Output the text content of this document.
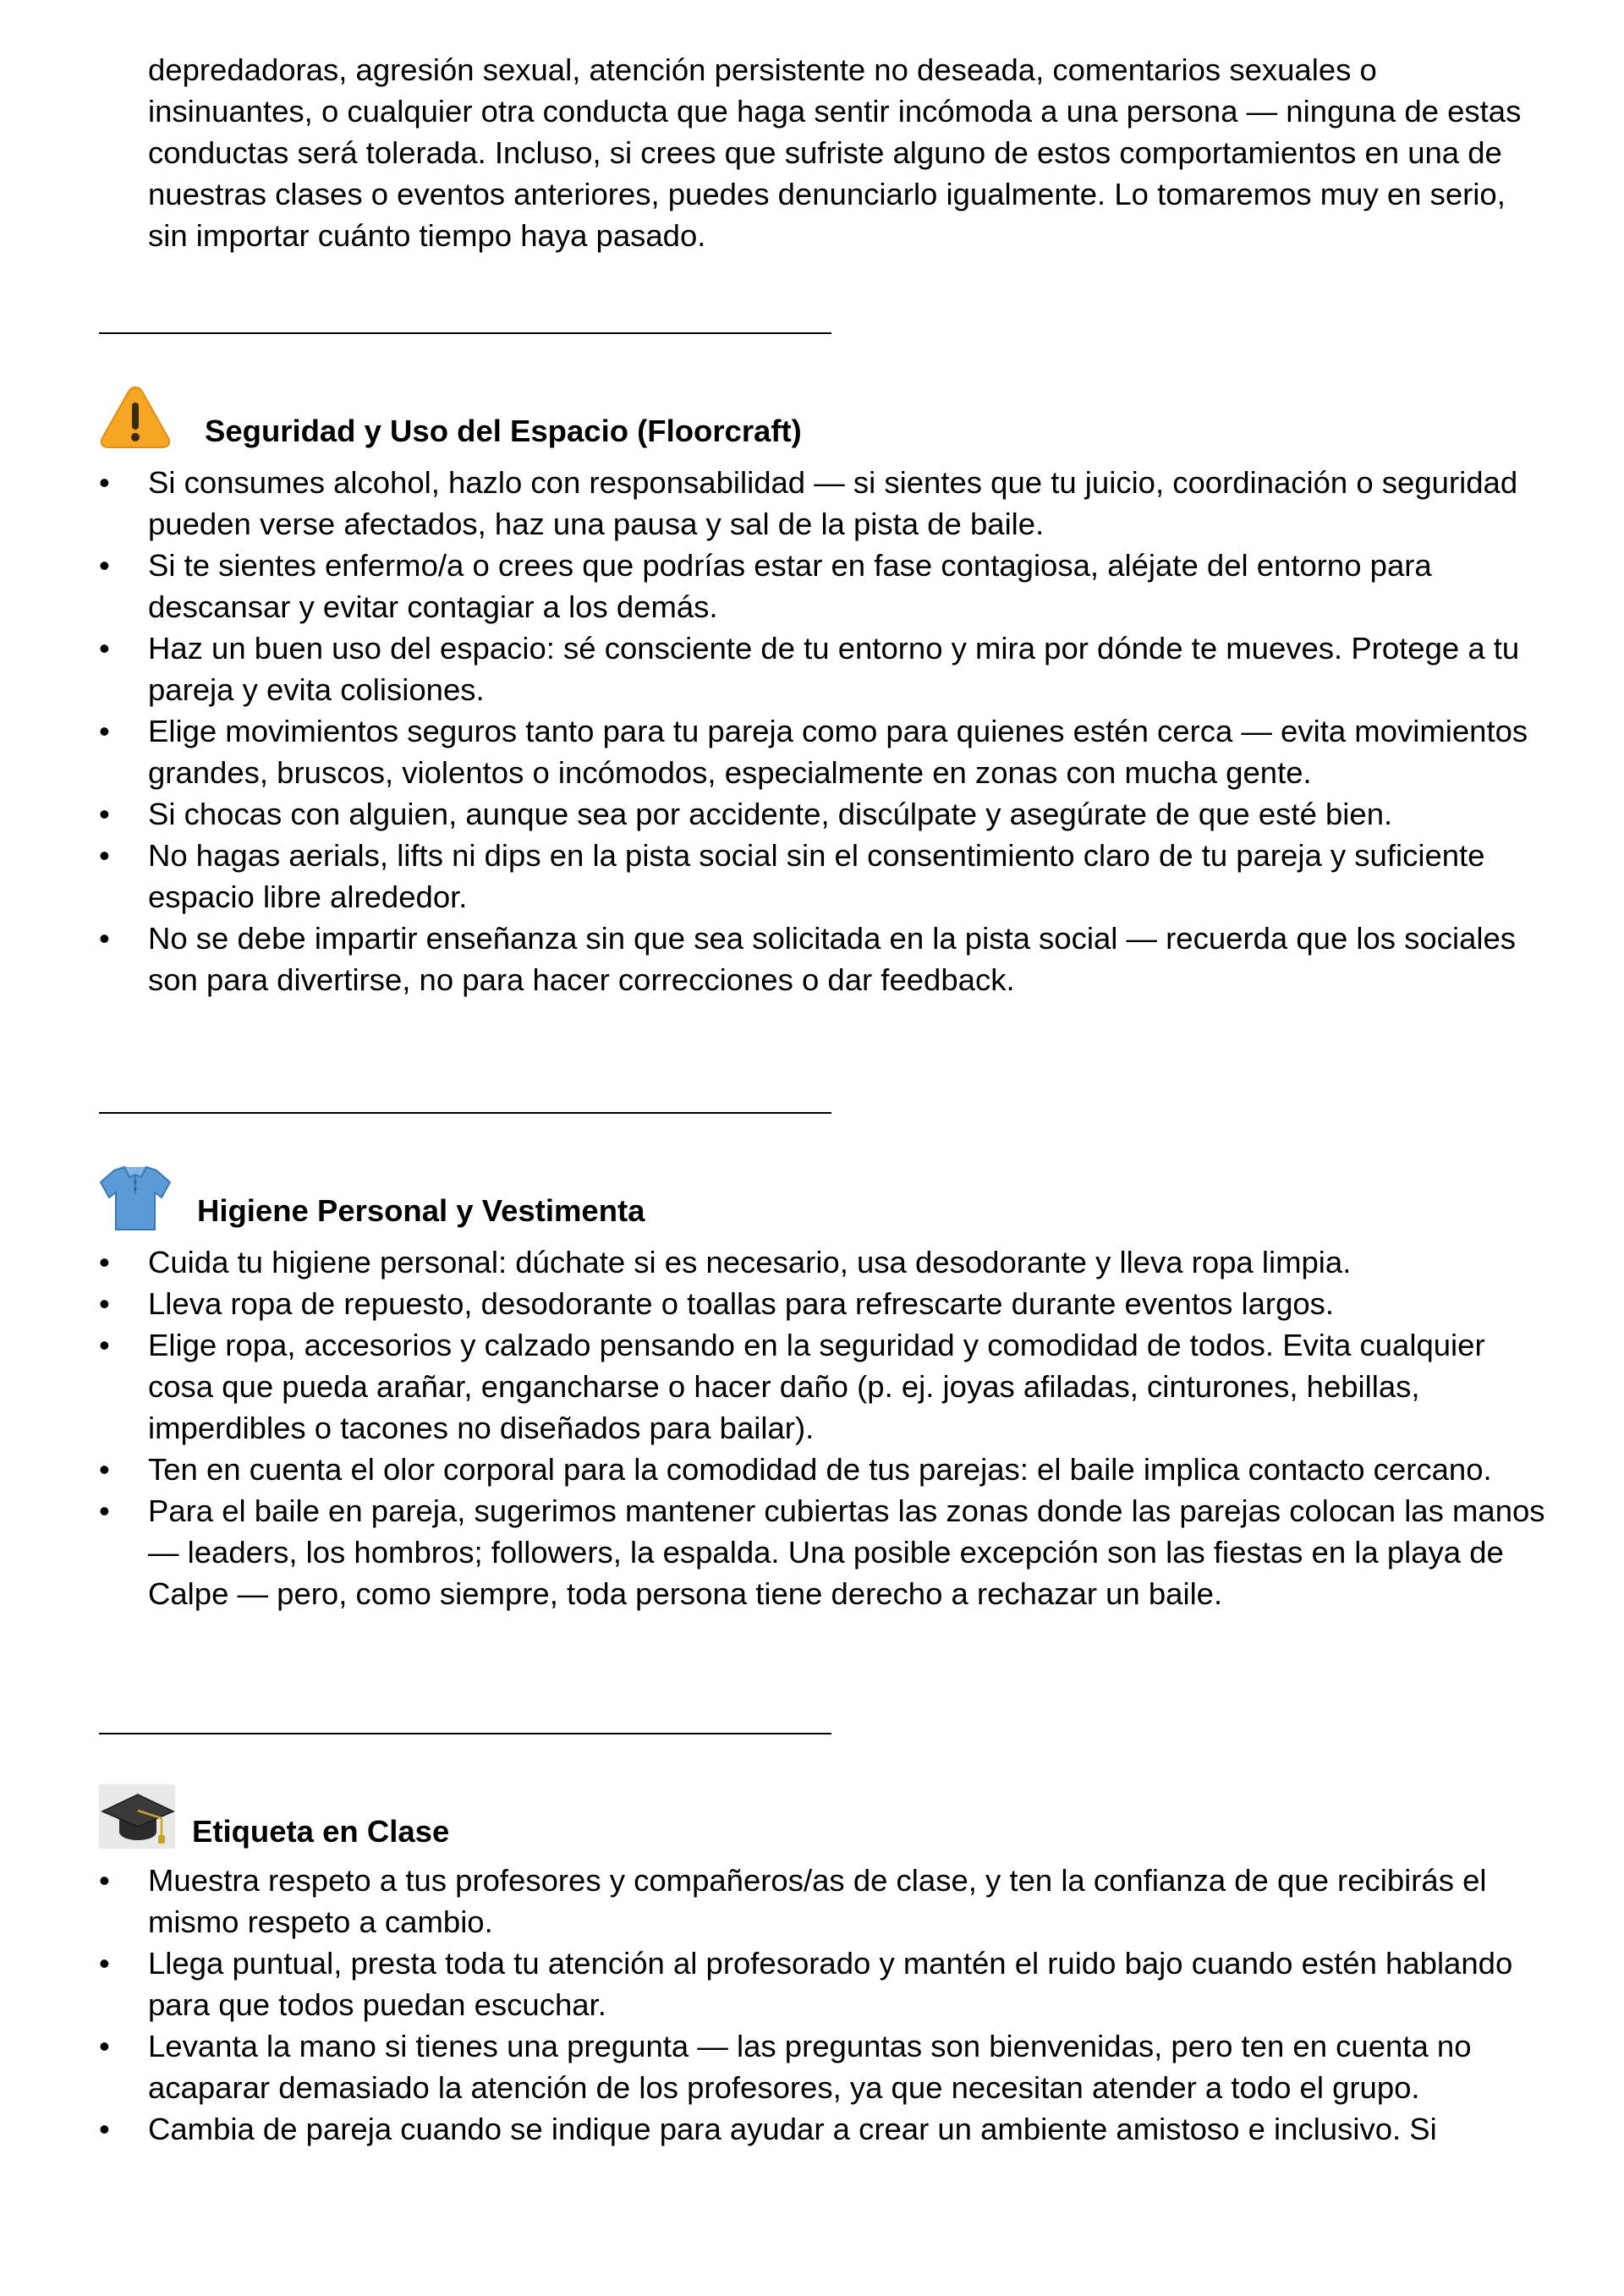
depredadoras, agresión sexual, atención persistente no deseada, comentarios sexuales o insinuantes, o cualquier otra conducta que haga sentir incómoda a una persona — ninguna de estas conductas será tolerada. Incluso, si crees que sufriste alguno de estos comportamientos en una de nuestras clases o eventos anteriores, puedes denunciarlo igualmente. Lo tomaremos muy en serio, sin importar cuánto tiempo haya pasado.
Seguridad y Uso del Espacio (Floorcraft)
• Si consumes alcohol, hazlo con responsabilidad — si sientes que tu juicio, coordinación o seguridad pueden verse afectados, haz una pausa y sal de la pista de baile.
• Si te sientes enfermo/a o crees que podrías estar en fase contagiosa, aléjate del entorno para descansar y evitar contagiar a los demás.
• Haz un buen uso del espacio: sé consciente de tu entorno y mira por dónde te mueves. Protege a tu pareja y evita colisiones.
• Elige movimientos seguros tanto para tu pareja como para quienes estén cerca — evita movimientos grandes, bruscos, violentos o incómodos, especialmente en zonas con mucha gente.
• Si chocas con alguien, aunque sea por accidente, discúlpate y asegúrate de que esté bien.
• No hagas aerials, lifts ni dips en la pista social sin el consentimiento claro de tu pareja y suficiente espacio libre alrededor.
• No se debe impartir enseñanza sin que sea solicitada en la pista social — recuerda que los sociales son para divertirse, no para hacer correcciones o dar feedback.
Higiene Personal y Vestimenta
• Cuida tu higiene personal: dúchate si es necesario, usa desodorante y lleva ropa limpia.
• Lleva ropa de repuesto, desodorante o toallas para refrescarte durante eventos largos.
• Elige ropa, accesorios y calzado pensando en la seguridad y comodidad de todos. Evita cualquier cosa que pueda arañar, engancharse o hacer daño (p. ej. joyas afiladas, cinturones, hebillas, imperdibles o tacones no diseñados para bailar).
• Ten en cuenta el olor corporal para la comodidad de tus parejas: el baile implica contacto cercano.
• Para el baile en pareja, sugerimos mantener cubiertas las zonas donde las parejas colocan las manos — leaders, los hombros; followers, la espalda. Una posible excepción son las fiestas en la playa de Calpe — pero, como siempre, toda persona tiene derecho a rechazar un baile.
Etiqueta en Clase
• Muestra respeto a tus profesores y compañeros/as de clase, y ten la confianza de que recibirás el mismo respeto a cambio.
• Llega puntual, presta toda tu atención al profesorado y mantén el ruido bajo cuando estén hablando para que todos puedan escuchar.
• Levanta la mano si tienes una pregunta — las preguntas son bienvenidas, pero ten en cuenta no acaparar demasiado la atención de los profesores, ya que necesitan atender a todo el grupo.
• Cambia de pareja cuando se indique para ayudar a crear un ambiente amistoso e inclusivo. Si
